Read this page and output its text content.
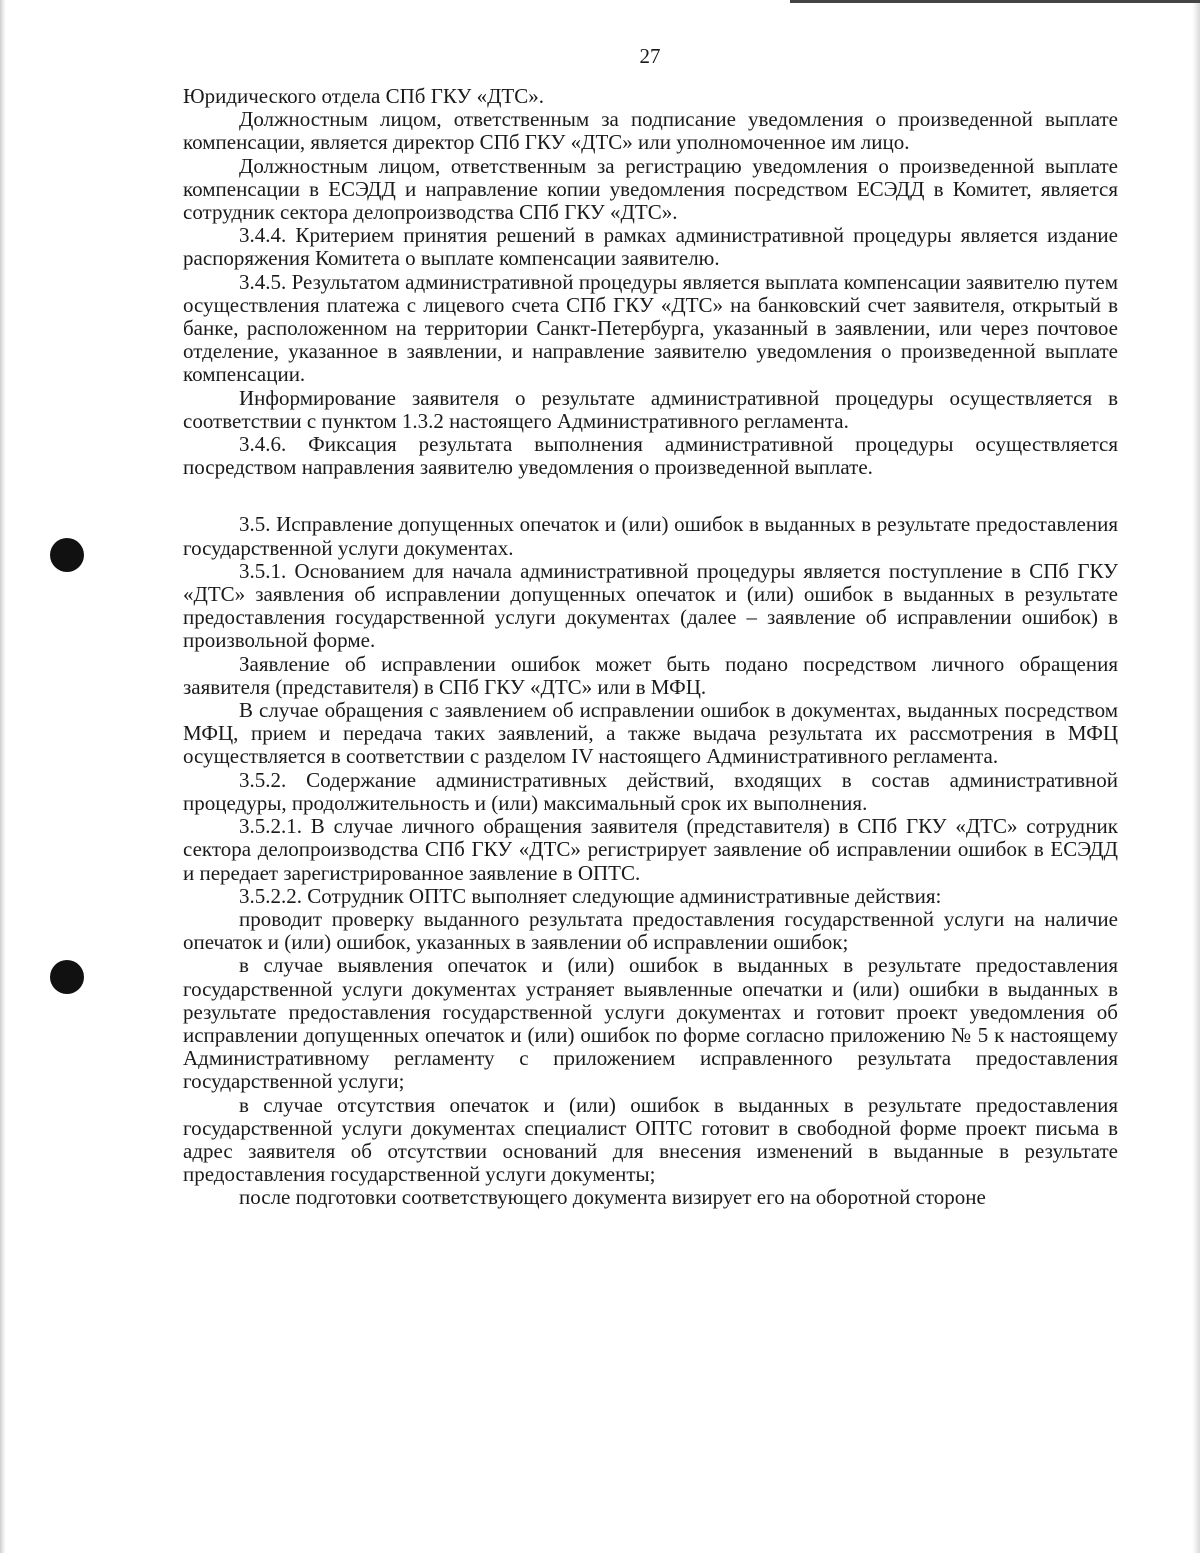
27

Юридического отдела СПб ГКУ «ДТС».

Должностным лицом, ответственным за подписание уведомления о произведенной выплате компенсации, является директор СПб ГКУ «ДТС» или уполномоченное им лицо.

Должностным лицом, ответственным за регистрацию уведомления о произведенной выплате компенсации в ЕСЭДД и направление копии уведомления посредством ЕСЭДД в Комитет, является сотрудник сектора делопроизводства СПб ГКУ «ДТС».

3.4.4. Критерием принятия решений в рамках административной процедуры является издание распоряжения Комитета о выплате компенсации заявителю.

3.4.5. Результатом административной процедуры является выплата компенсации заявителю путем осуществления платежа с лицевого счета СПб ГКУ «ДТС» на банковский счет заявителя, открытый в банке, расположенном на территории Санкт-Петербурга, указанный в заявлении, или через почтовое отделение, указанное в заявлении, и направление заявителю уведомления о произведенной выплате компенсации.

Информирование заявителя о результате административной процедуры осуществляется в соответствии с пунктом 1.3.2 настоящего Административного регламента.

3.4.6. Фиксация результата выполнения административной процедуры осуществляется посредством направления заявителю уведомления о произведенной выплате.

3.5. Исправление допущенных опечаток и (или) ошибок в выданных в результате предоставления государственной услуги документах.

3.5.1. Основанием для начала административной процедуры является поступление в СПб ГКУ «ДТС» заявления об исправлении допущенных опечаток и (или) ошибок в выданных в результате предоставления государственной услуги документах (далее – заявление об исправлении ошибок) в произвольной форме.

Заявление об исправлении ошибок может быть подано посредством личного обращения заявителя (представителя) в СПб ГКУ «ДТС» или в МФЦ.

В случае обращения с заявлением об исправлении ошибок в документах, выданных посредством МФЦ, прием и передача таких заявлений, а также выдача результата их рассмотрения в МФЦ осуществляется в соответствии с разделом IV настоящего Административного регламента.

3.5.2. Содержание административных действий, входящих в состав административной процедуры, продолжительность и (или) максимальный срок их выполнения.

3.5.2.1. В случае личного обращения заявителя (представителя) в СПб ГКУ «ДТС» сотрудник сектора делопроизводства СПб ГКУ «ДТС» регистрирует заявление об исправлении ошибок в ЕСЭДД и передает зарегистрированное заявление в ОПТС.

3.5.2.2. Сотрудник ОПТС выполняет следующие административные действия:

проводит проверку выданного результата предоставления государственной услуги на наличие опечаток и (или) ошибок, указанных в заявлении об исправлении ошибок;

в случае выявления опечаток и (или) ошибок в выданных в результате предоставления государственной услуги документах устраняет выявленные опечатки и (или) ошибки в выданных в результате предоставления государственной услуги документах и готовит проект уведомления об исправлении допущенных опечаток и (или) ошибок по форме согласно приложению № 5 к настоящему Административному регламенту с приложением исправленного результата предоставления государственной услуги;

в случае отсутствия опечаток и (или) ошибок в выданных в результате предоставления государственной услуги документах специалист ОПТС готовит в свободной форме проект письма в адрес заявителя об отсутствии оснований для внесения изменений в выданные в результате предоставления государственной услуги документы;

после подготовки соответствующего документа визирует его на оборотной стороне
